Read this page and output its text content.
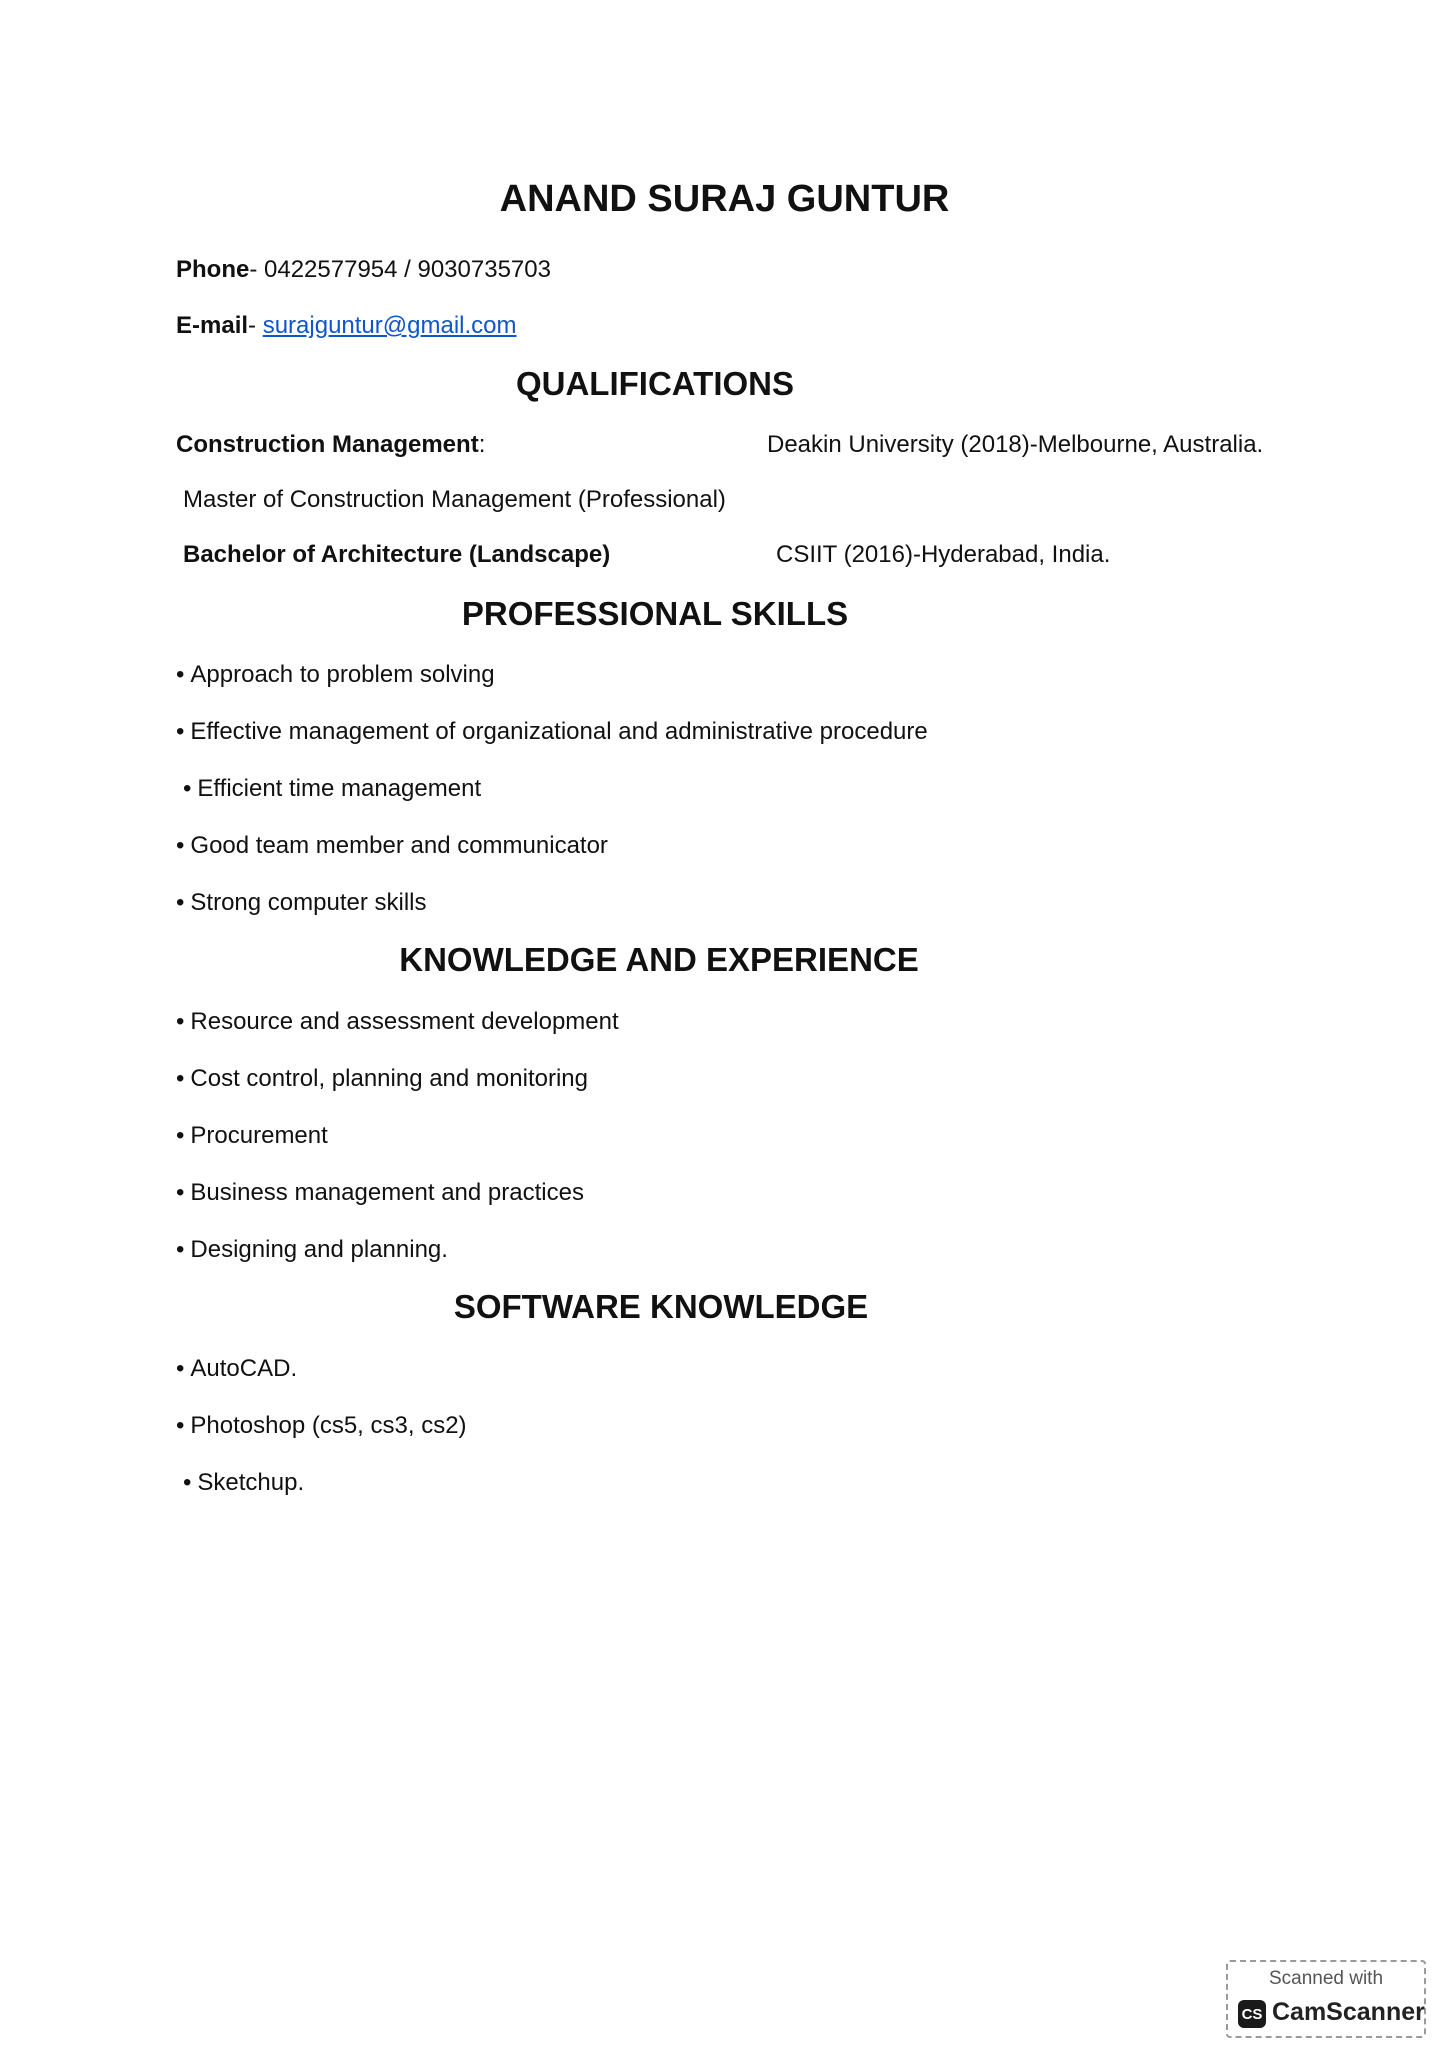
ANAND SURAJ GUNTUR
Phone- 0422577954 / 9030735703
E-mail- surajguntur@gmail.com
QUALIFICATIONS
Construction Management:	Deakin University (2018)-Melbourne, Australia.
Master of Construction Management (Professional)
Bachelor of Architecture (Landscape)	CSIIT (2016)-Hyderabad, India.
PROFESSIONAL SKILLS
• Approach to problem solving
• Effective management of organizational and administrative procedure
• Efficient time management
• Good team member and communicator
• Strong computer skills
KNOWLEDGE AND EXPERIENCE
• Resource and assessment development
• Cost control, planning and monitoring
• Procurement
• Business management and practices
• Designing and planning.
SOFTWARE KNOWLEDGE
• AutoCAD.
• Photoshop (cs5, cs3, cs2)
• Sketchup.
Scanned with
CS CamScanner
